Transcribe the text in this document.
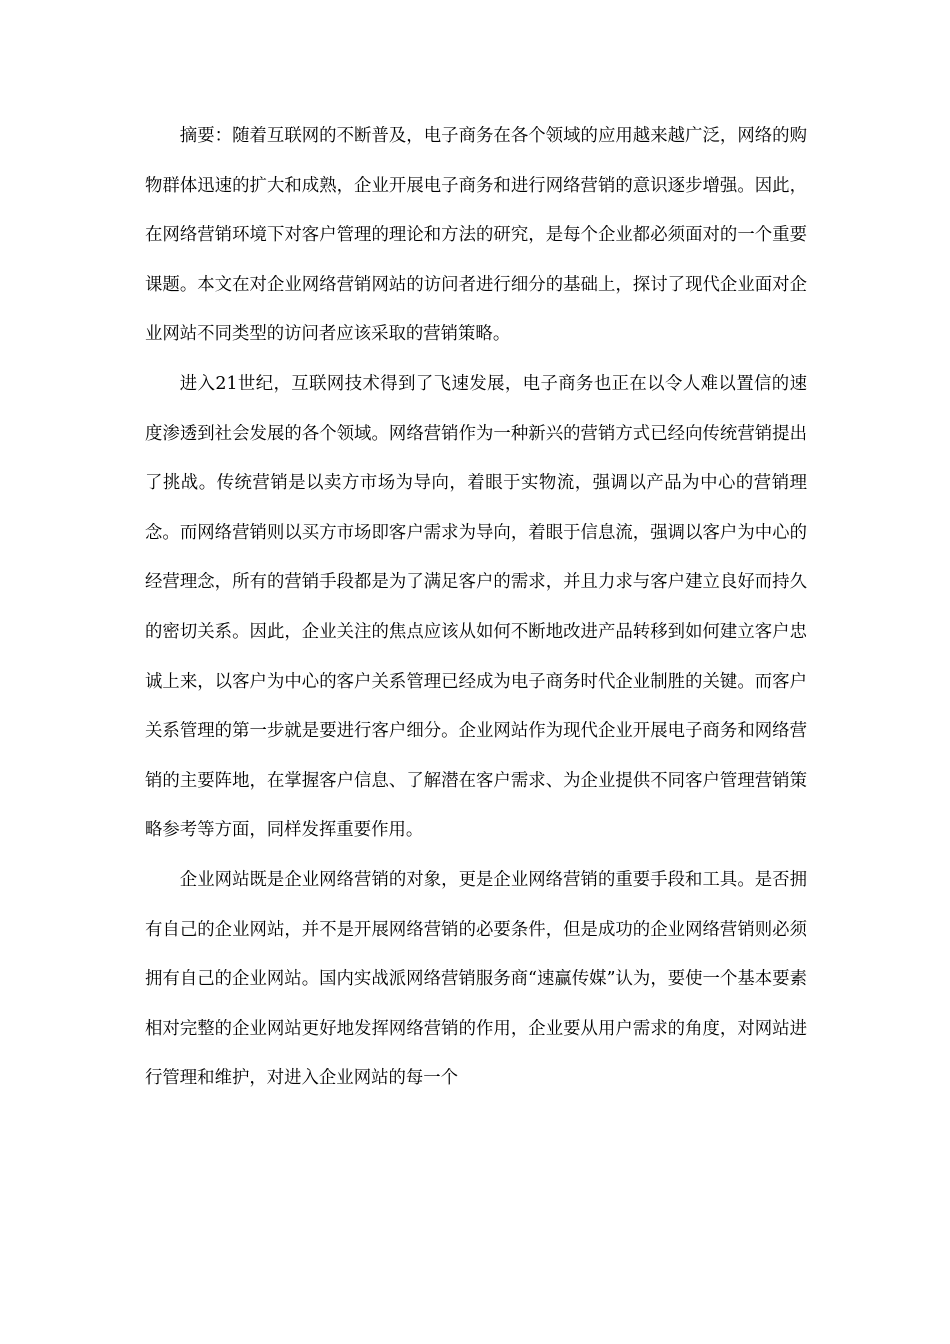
摘要：随着互联网的不断普及，电子商务在各个领域的应用越来越广泛，网络的购物群体迅速的扩大和成熟，企业开展电子商务和进行网络营销的意识逐步增强。因此，在网络营销环境下对客户管理的理论和方法的研究，是每个企业都必须面对的一个重要课题。本文在对企业网络营销网站的访问者进行细分的基础上，探讨了现代企业面对企业网站不同类型的访问者应该采取的营销策略。

进入21世纪，互联网技术得到了飞速发展，电子商务也正在以令人难以置信的速度渗透到社会发展的各个领域。网络营销作为一种新兴的营销方式已经向传统营销提出了挑战。传统营销是以卖方市场为导向，着眼于实物流，强调以产品为中心的营销理念。而网络营销则以买方市场即客户需求为导向，着眼于信息流，强调以客户为中心的经营理念，所有的营销手段都是为了满足客户的需求，并且力求与客户建立良好而持久的密切关系。因此，企业关注的焦点应该从如何不断地改进产品转移到如何建立客户忠诚上来，以客户为中心的客户关系管理已经成为电子商务时代企业制胜的关键。而客户关系管理的第一步就是要进行客户细分。企业网站作为现代企业开展电子商务和网络营销的主要阵地，在掌握客户信息、了解潜在客户需求、为企业提供不同客户管理营销策略参考等方面，同样发挥重要作用。

企业网站既是企业网络营销的对象，更是企业网络营销的重要手段和工具。是否拥有自己的企业网站，并不是开展网络营销的必要条件，但是成功的企业网络营销则必须拥有自己的企业网站。国内实战派网络营销服务商“速赢传媒”认为，要使一个基本要素相对完整的企业网站更好地发挥网络营销的作用，企业要从用户需求的角度，对网站进行管理和维护，对进入企业网站的每一个
